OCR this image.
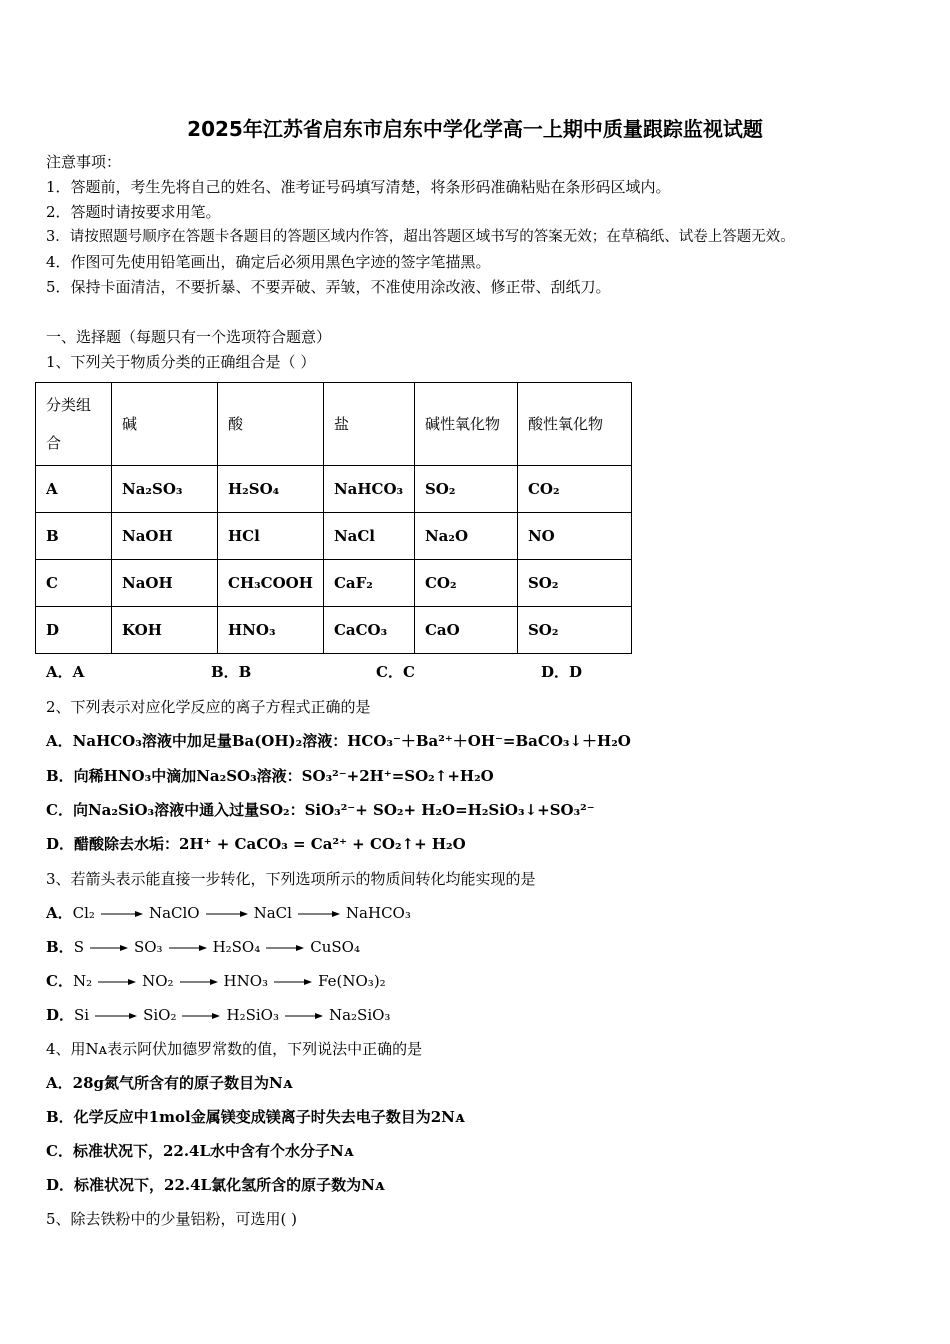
2025年江苏省启东市启东中学化学高一上期中质量跟踪监视试题
注意事项：
1．答题前，考生先将自己的姓名、准考证号码填写清楚，将条形码准确粘贴在条形码区域内。
2．答题时请按要求用笔。
3．请按照题号顺序在答题卡各题目的答题区域内作答，超出答题区域书写的答案无效；在草稿纸、试卷上答题无效。
4．作图可先使用铅笔画出，确定后必须用黑色字迹的签字笔描黑。
5．保持卡面清洁，不要折暴、不要弄破、弄皱，不准使用涂改液、修正带、刮纸刀。
一、选择题（每题只有一个选项符合题意）
1、下列关于物质分类的正确组合是（ ）
分类组合	碱	酸	盐	碱性氧化物	酸性氧化物
A	Na₂SO₃	H₂SO₄	NaHCO₃	SO₂	CO₂
B	NaOH	HCl	NaCl	Na₂O	NO
C	NaOH	CH₃COOH	CaF₂	CO₂	SO₂
D	KOH	HNO₃	CaCO₃	CaO	SO₂
A．A	B．B	C．C	D．D
2、下列表示对应化学反应的离子方程式正确的是
A．NaHCO₃溶液中加足量Ba(OH)₂溶液：HCO₃⁻＋Ba²⁺＋OH⁻=BaCO₃↓＋H₂O
B．向稀HNO₃中滴加Na₂SO₃溶液：SO₃²⁻+2H⁺=SO₂↑+H₂O
C．向Na₂SiO₃溶液中通入过量SO₂：SiO₃²⁻+ SO₂+ H₂O=H₂SiO₃↓+SO₃²⁻
D．醋酸除去水垢：2H⁺ + CaCO₃ = Ca²⁺ + CO₂↑+ H₂O
3、若箭头表示能直接一步转化，下列选项所示的物质间转化均能实现的是
A．Cl₂	NaClO	NaCl	NaHCO₃
B．S	SO₃	H₂SO₄	CuSO₄
C．N₂	NO₂	HNO₃	Fe(NO₃)₂
D．Si	SiO₂	H₂SiO₃	Na₂SiO₃
4、用Nᴀ表示阿伏加德罗常数的值，下列说法中正确的是
A．28g氮气所含有的原子数目为Nᴀ
B．化学反应中1mol金属镁变成镁离子时失去电子数目为2Nᴀ
C．标准状况下，22.4L水中含有个水分子Nᴀ
D．标准状况下，22.4L氯化氢所含的原子数为Nᴀ
5、除去铁粉中的少量铝粉，可选用( )
